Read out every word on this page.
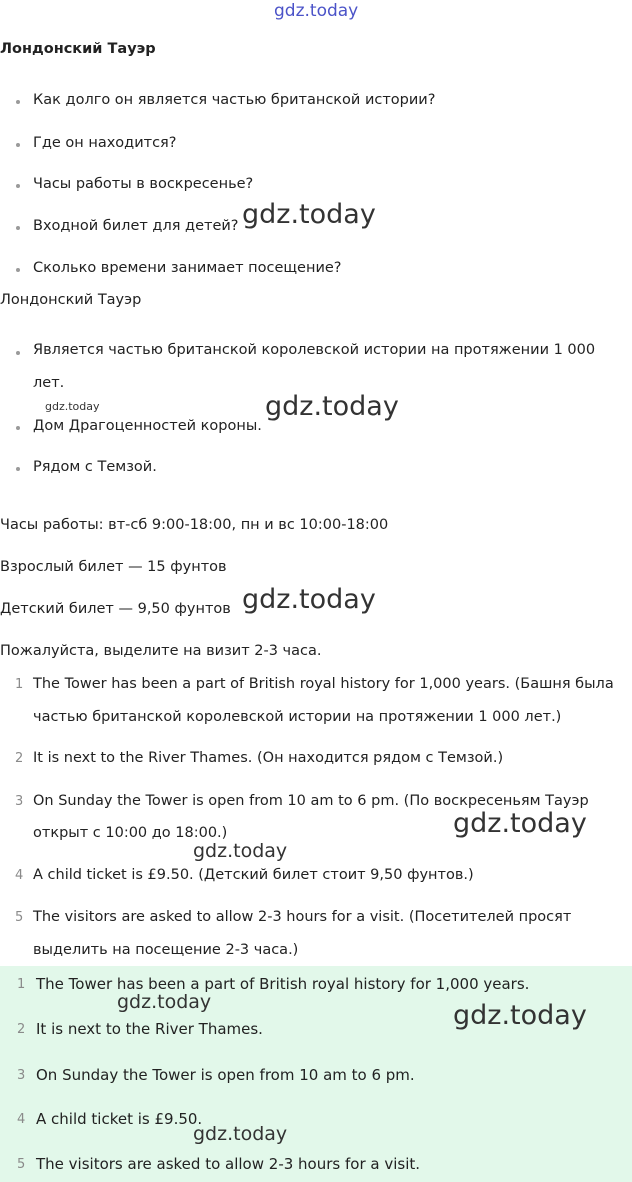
gdz.today
Лондонский Тауэр
Как долго он является частью британской истории?
Где он находится?
Часы работы в воскресенье?
Входной билет для детей?
Сколько времени занимает посещение?
Лондонский Тауэр
Является частью британской королевской истории на протяжении 1 000
лет.
Дом Драгоценностей короны.
Рядом с Темзой.
Часы работы: вт-сб 9:00-18:00, пн и вс 10:00-18:00
Взрослый билет — 15 фунтов
Детский билет — 9,50 фунтов
Пожалуйста, выделите на визит 2-3 часа.
1 The Tower has been a part of British royal history for 1,000 years. (Башня была
частью британской королевской истории на протяжении 1 000 лет.)
2 It is next to the River Thames. (Он находится рядом с Темзой.)
3 On Sunday the Tower is open from 10 am to 6 pm. (По воскресеньям Тауэр
открыт с 10:00 до 18:00.)
4 A child ticket is £9.50. (Детский билет стоит 9,50 фунтов.)
5 The visitors are asked to allow 2-3 hours for a visit. (Посетителей просят
выделить на посещение 2-3 часа.)
1 The Tower has been a part of British royal history for 1,000 years.
2 It is next to the River Thames.
3 On Sunday the Tower is open from 10 am to 6 pm.
4 A child ticket is £9.50.
5 The visitors are asked to allow 2-3 hours for a visit.
gdz.today
gdz.today	gdz.today
gdz.today
gdz.today
gdz.today
gdz.today	gdz.today
gdz.today
